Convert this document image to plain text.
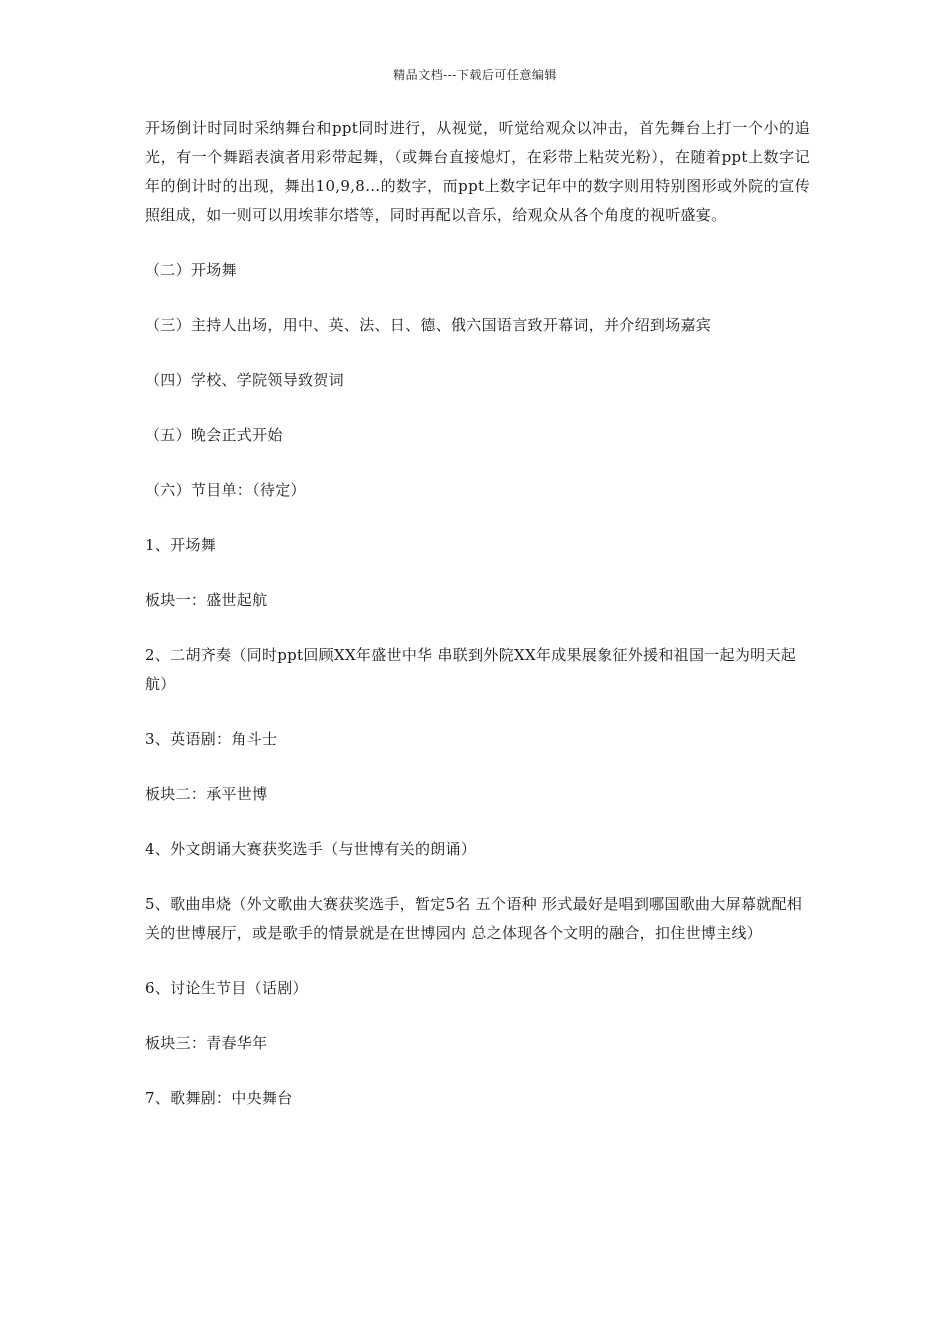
精品文档---下载后可任意编辑

开场倒计时同时采纳舞台和ppt同时进行，从视觉，听觉给观众以冲击，首先舞台上打一个小的追光，有一个舞蹈表演者用彩带起舞，（或舞台直接熄灯，在彩带上粘荧光粉），在随着ppt上数字记年的倒计时的出现，舞出10,9,8…的数字，而ppt上数字记年中的数字则用特别图形或外院的宣传照组成，如一则可以用埃菲尔塔等，同时再配以音乐，给观众从各个角度的视听盛宴。

（二）开场舞

（三）主持人出场，用中、英、法、日、德、俄六国语言致开幕词，并介绍到场嘉宾

（四）学校、学院领导致贺词

（五）晚会正式开始

（六）节目单：（待定）

1、开场舞

板块一：盛世起航

2、二胡齐奏（同时ppt回顾XX年盛世中华 串联到外院XX年成果展象征外援和祖国一起为明天起航）

3、英语剧：角斗士

板块二：承平世博

4、外文朗诵大赛获奖选手（与世博有关的朗诵）

5、歌曲串烧（外文歌曲大赛获奖选手，暂定5名 五个语种 形式最好是唱到哪国歌曲大屏幕就配相关的世博展厅，或是歌手的情景就是在世博园内 总之体现各个文明的融合，扣住世博主线）

6、讨论生节目（话剧）

板块三：青春华年

7、歌舞剧：中央舞台
